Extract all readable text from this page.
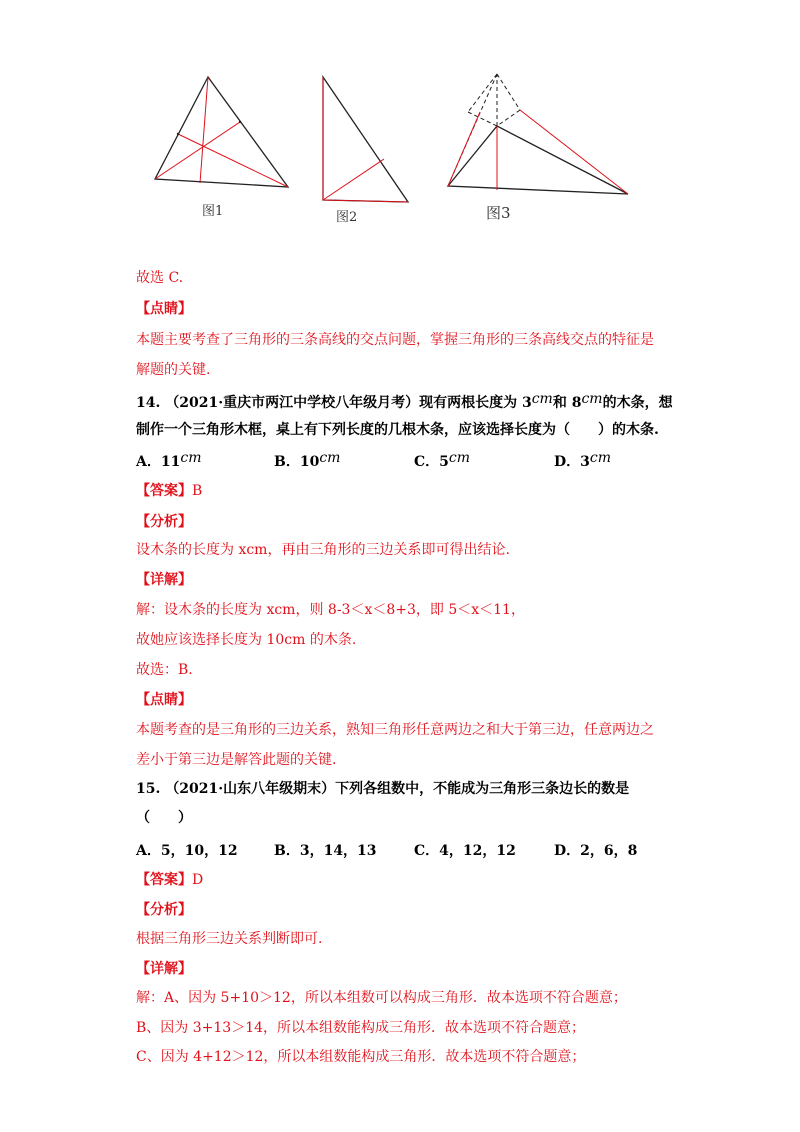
图1	图2	图3
故选 C.
【点睛】
本题主要考查了三角形的三条高线的交点问题，掌握三角形的三条高线交点的特征是
解题的关键.
14. （2021·重庆市两江中学校八年级月考）现有两根长度为 3cm和 8cm的木条，想
制作一个三角形木框，桌上有下列长度的几根木条，应该选择长度为（　　）的木条.
A．11cm	B．10cm	C．5cm	D．3cm
【答案】B
【分析】
设木条的长度为 xcm，再由三角形的三边关系即可得出结论.
【详解】
解：设木条的长度为 xcm，则 8-3＜x＜8+3，即 5＜x＜11，
故她应该选择长度为 10cm 的木条.
故选：B.
【点睛】
本题考查的是三角形的三边关系，熟知三角形任意两边之和大于第三边，任意两边之
差小于第三边是解答此题的关键.
15. （2021·山东八年级期末）下列各组数中，不能成为三角形三条边长的数是
（　　）
A．5，10，12	B．3，14，13	C．4，12，12	D．2，6，8
【答案】D
【分析】
根据三角形三边关系判断即可.
【详解】
解：A、因为 5+10＞12，所以本组数可以构成三角形．故本选项不符合题意；
B、因为 3+13＞14，所以本组数能构成三角形．故本选项不符合题意；
C、因为 4+12＞12，所以本组数能构成三角形．故本选项不符合题意；
